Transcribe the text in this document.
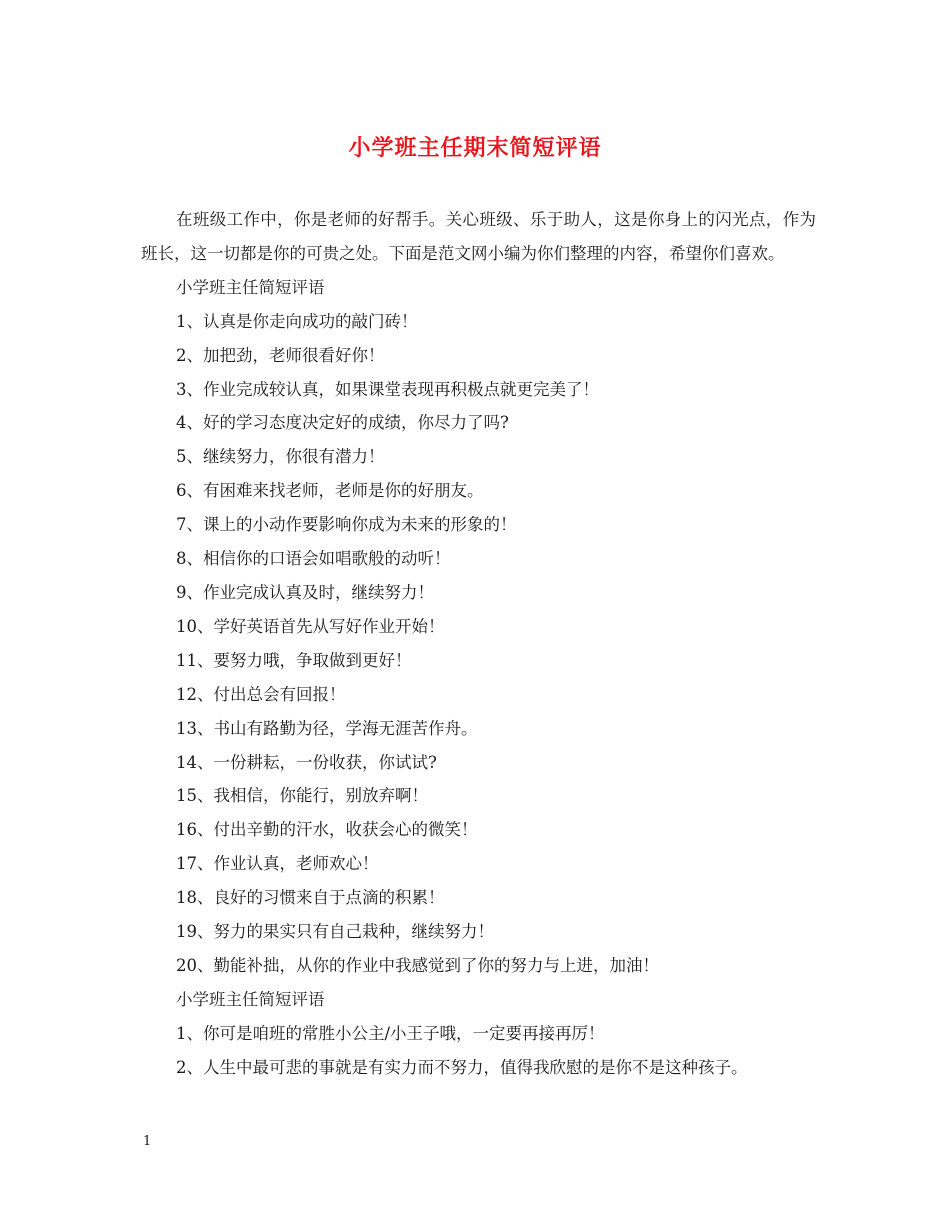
小学班主任期末简短评语

在班级工作中，你是老师的好帮手。关心班级、乐于助人，这是你身上的闪光点，作为班长，这一切都是你的可贵之处。下面是范文网小编为你们整理的内容，希望你们喜欢。

小学班主任简短评语

1、认真是你走向成功的敲门砖！

2、加把劲，老师很看好你！

3、作业完成较认真，如果课堂表现再积极点就更完美了！

4、好的学习态度决定好的成绩，你尽力了吗?

5、继续努力，你很有潜力！

6、有困难来找老师，老师是你的好朋友。

7、课上的小动作要影响你成为未来的形象的！

8、相信你的口语会如唱歌般的动听！

9、作业完成认真及时，继续努力！

10、学好英语首先从写好作业开始！

11、要努力哦，争取做到更好！

12、付出总会有回报！

13、书山有路勤为径，学海无涯苦作舟。

14、一份耕耘，一份收获，你试试?

15、我相信，你能行，别放弃啊！

16、付出辛勤的汗水，收获会心的微笑！

17、作业认真，老师欢心！

18、良好的习惯来自于点滴的积累！

19、努力的果实只有自己栽种，继续努力！

20、勤能补拙，从你的作业中我感觉到了你的努力与上进，加油！

小学班主任简短评语

1、你可是咱班的常胜小公主/小王子哦，一定要再接再厉！

2、人生中最可悲的事就是有实力而不努力，值得我欣慰的是你不是这种孩子。

1
